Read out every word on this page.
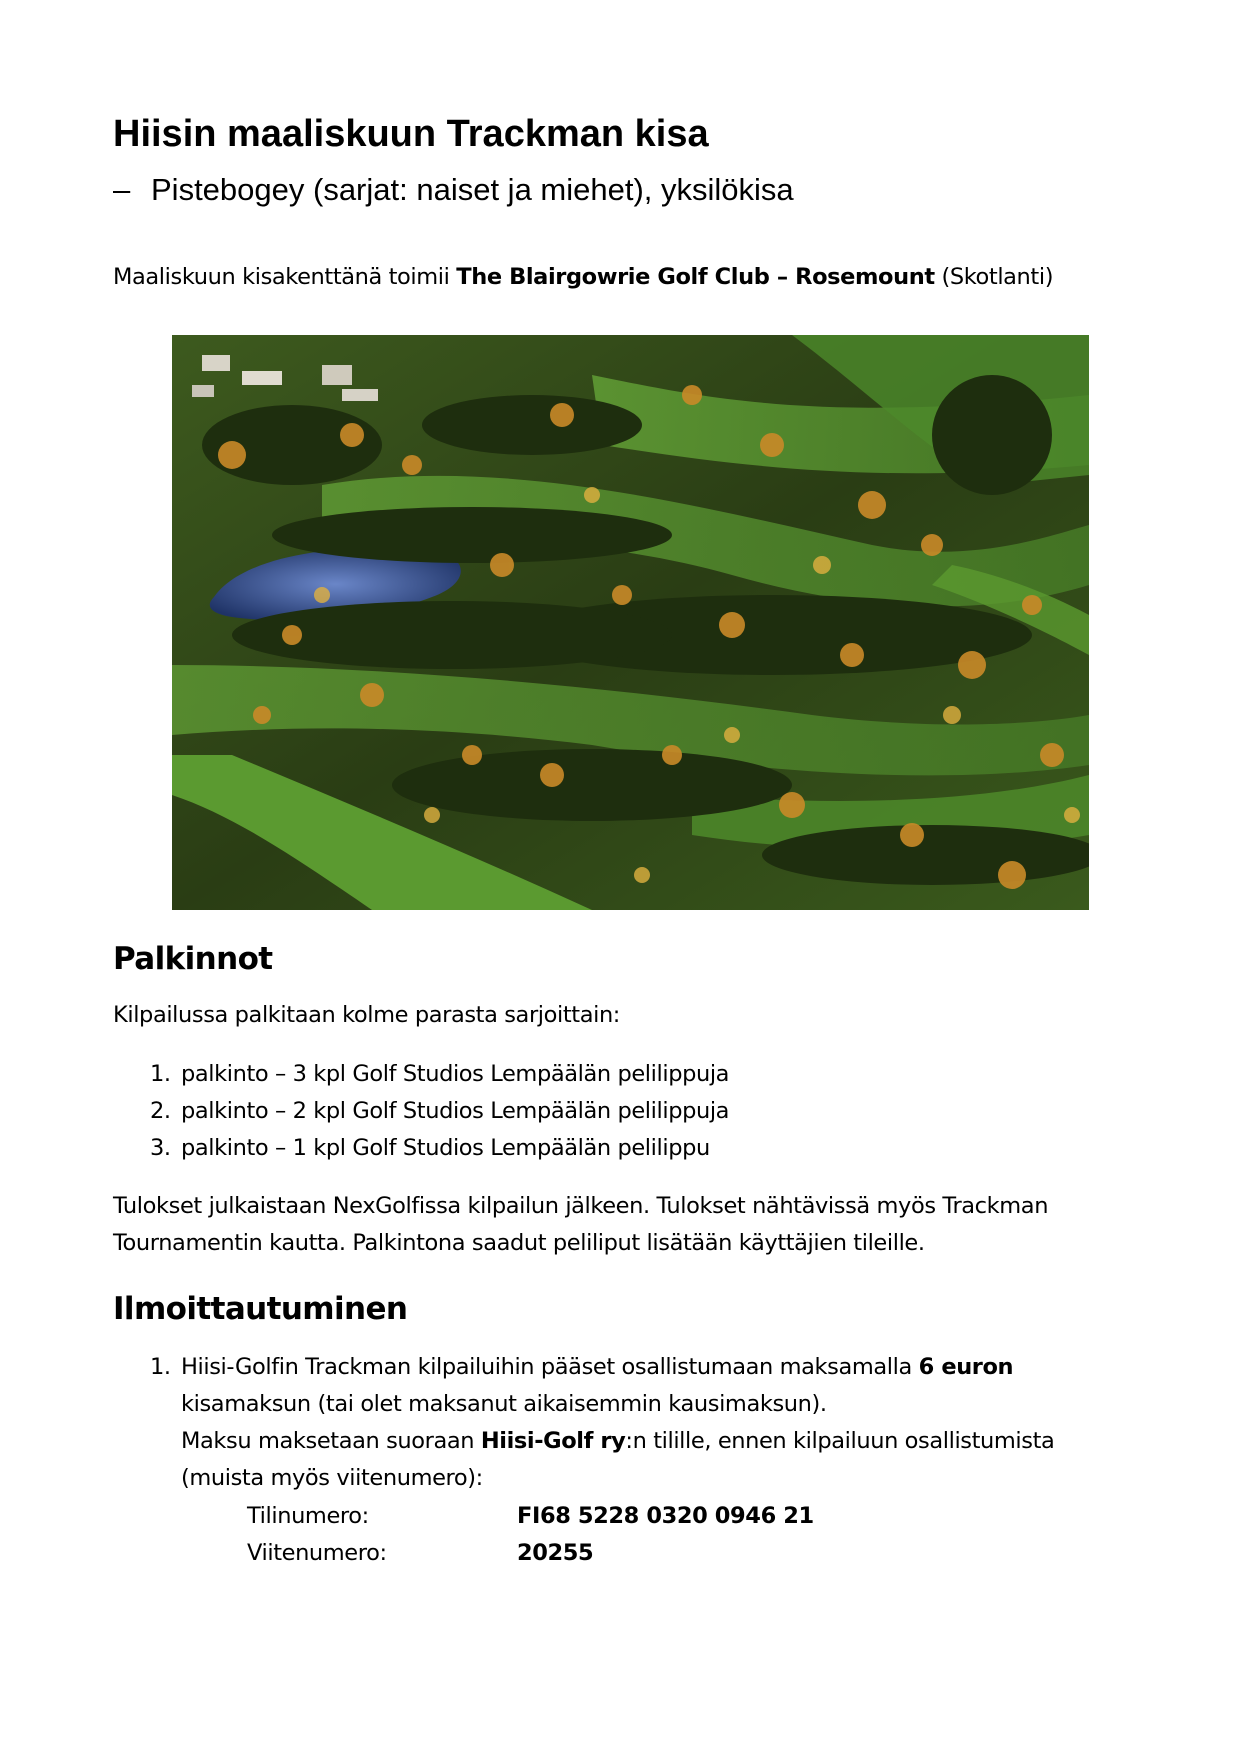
Hiisin maaliskuun Trackman kisa
– Pistebogey (sarjat: naiset ja miehet), yksilökisa
Maaliskuun kisakenttänä toimii The Blairgowrie Golf Club – Rosemount (Skotlanti)
Palkinnot
Kilpailussa palkitaan kolme parasta sarjoittain:
1. palkinto – 3 kpl Golf Studios Lempäälän pelilippuja
2. palkinto – 2 kpl Golf Studios Lempäälän pelilippuja
3. palkinto – 1 kpl Golf Studios Lempäälän pelilippu

Tulokset julkaistaan NexGolfissa kilpailun jälkeen. Tulokset nähtävissä myös Trackman

Tournamentin kautta. Palkintona saadut peliliput lisätään käyttäjien tileille.

Ilmoittautuminen
1. Hiisi-Golfin Trackman kilpailuihin pääset osallistumaan maksamalla 6 euron

kisamaksun (tai olet maksanut aikaisemmin kausimaksun).

Maksu maksetaan suoraan Hiisi-Golf ry:n tilille, ennen kilpailuun osallistumista

(muista myös viitenumero):

Tilinumero:	FI68 5228 0320 0946 21
Viitenumero:	20255
